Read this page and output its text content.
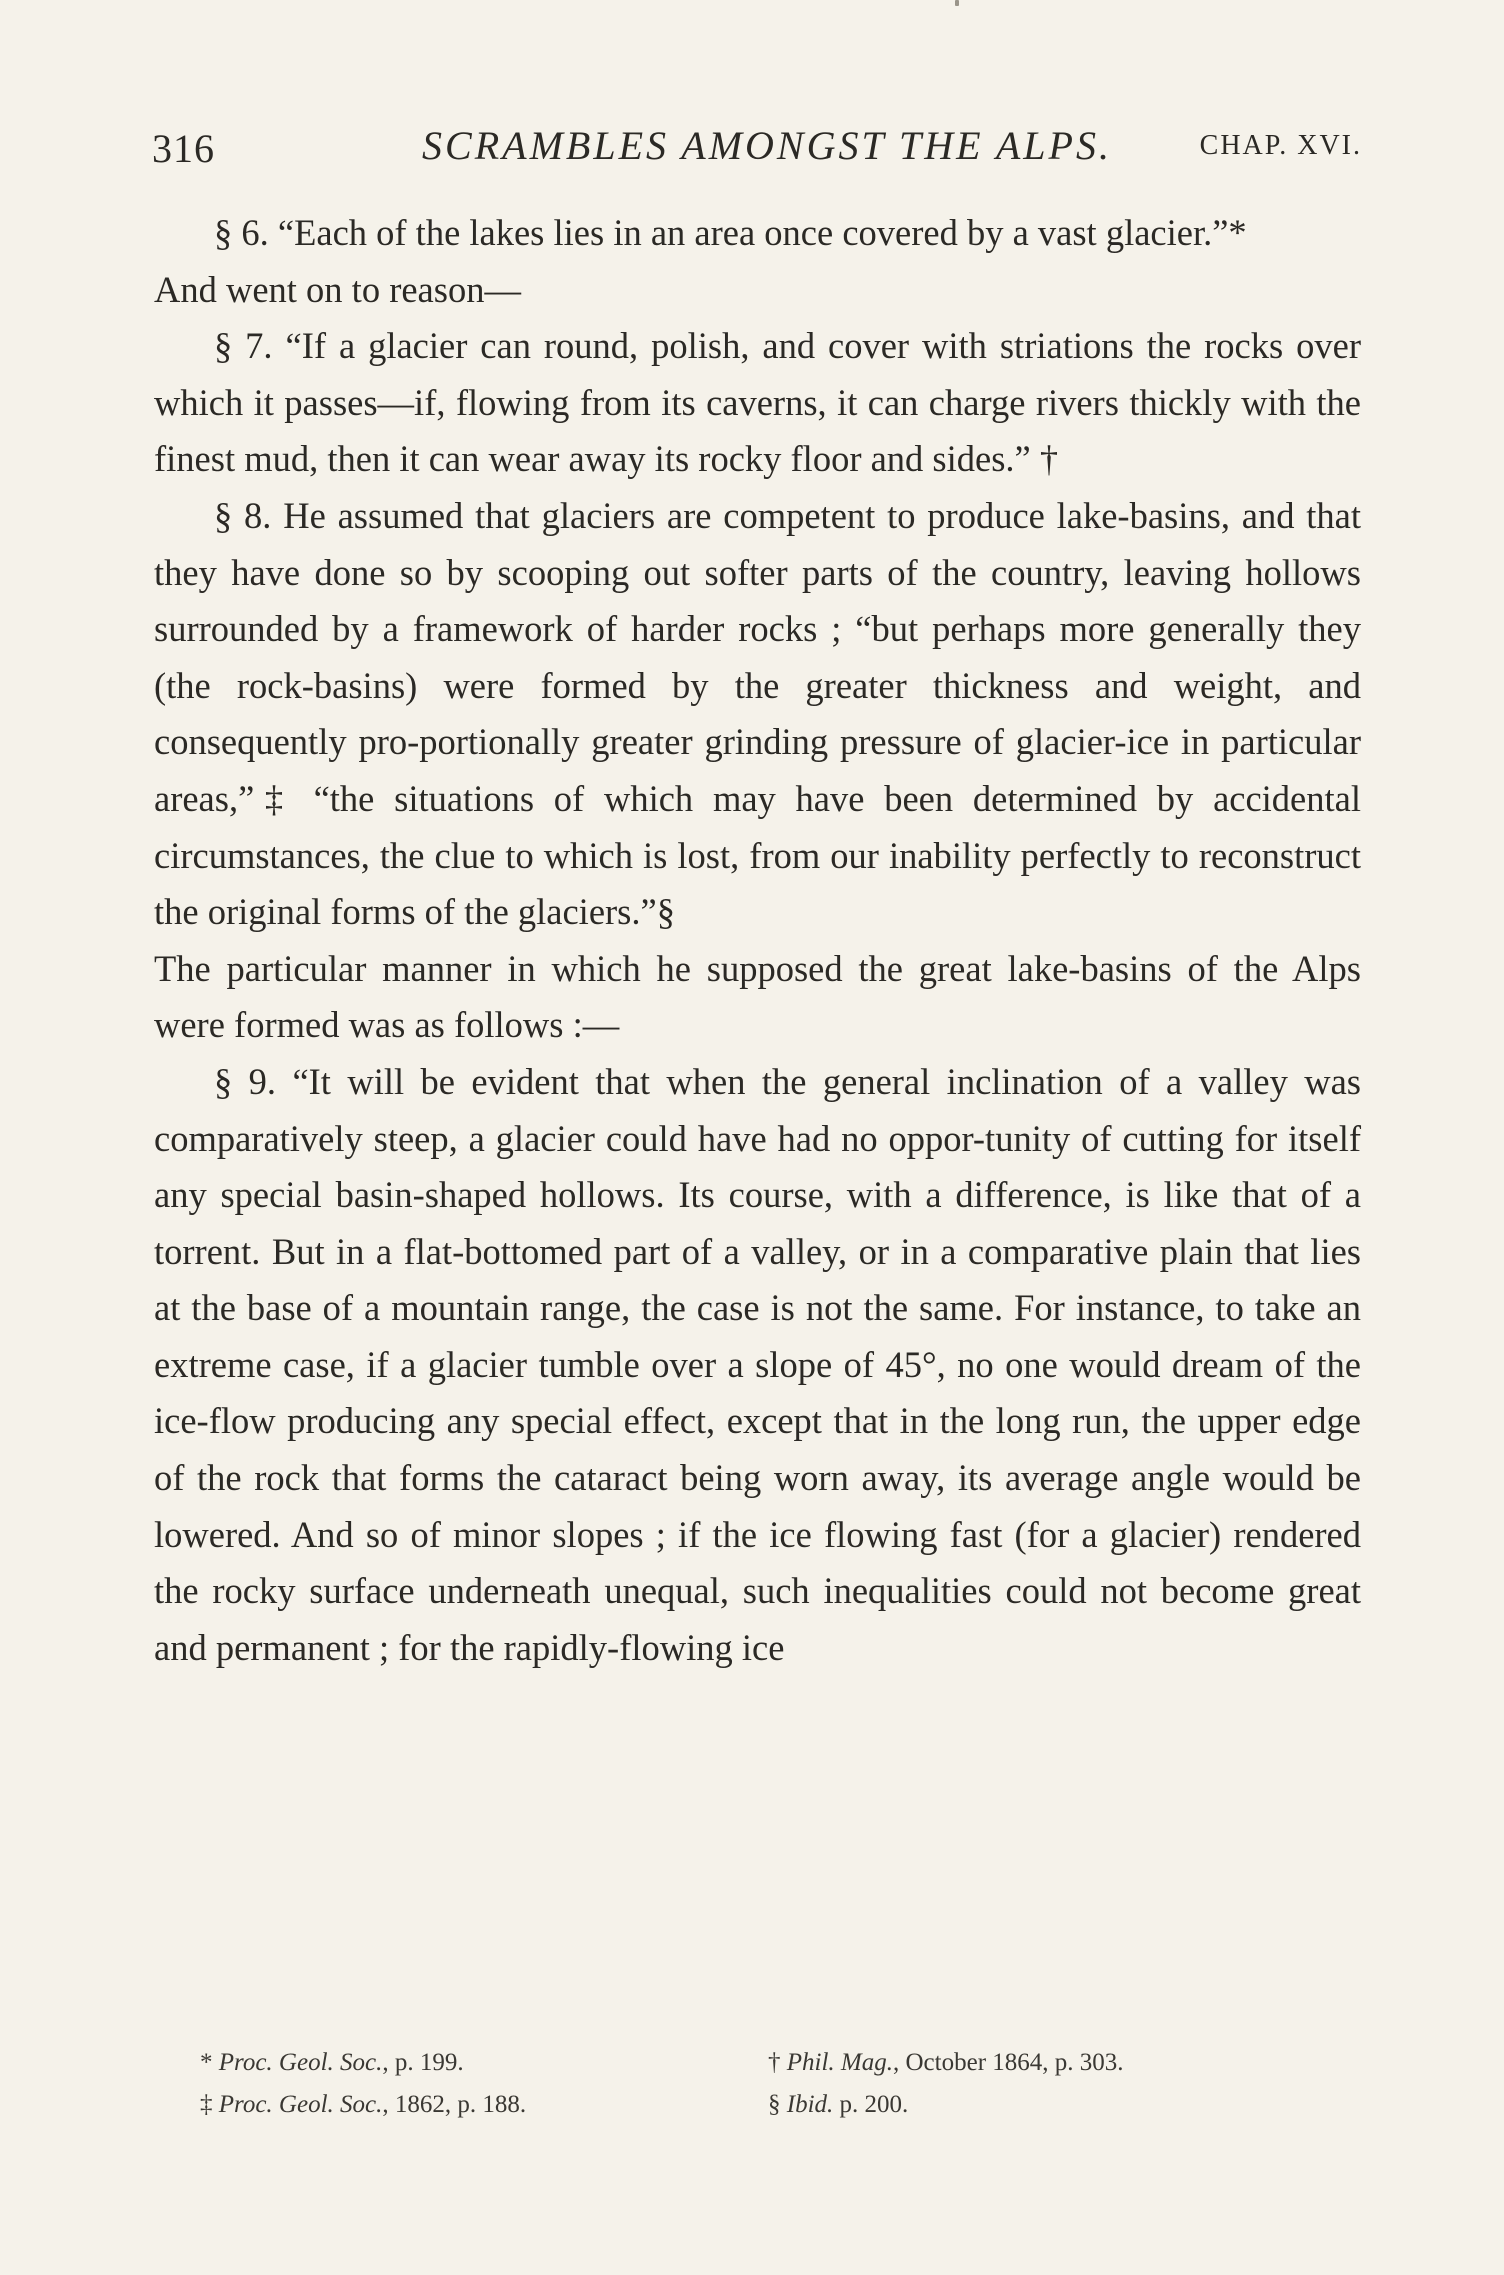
316	SCRAMBLES AMONGST THE ALPS.	CHAP. XVI.

§ 6. “Each of the lakes lies in an area once covered by a vast glacier.”*

And went on to reason—

§ 7. “If a glacier can round, polish, and cover with striations the rocks over which it passes—if, flowing from its caverns, it can charge rivers thickly with the finest mud, then it can wear away its rocky floor and sides.” †

§ 8. He assumed that glaciers are competent to produce lake-basins, and that they have done so by scooping out softer parts of the country, leaving hollows surrounded by a framework of harder rocks ; “but perhaps more generally they (the rock-basins) were formed by the greater thickness and weight, and consequently pro-portionally greater grinding pressure of glacier-ice in particular areas,”‡ “the situations of which may have been determined by accidental circumstances, the clue to which is lost, from our inability perfectly to reconstruct the original forms of the glaciers.”§

The particular manner in which he supposed the great lake-basins of the Alps were formed was as follows :—

§ 9. “It will be evident that when the general inclination of a valley was comparatively steep, a glacier could have had no oppor-tunity of cutting for itself any special basin-shaped hollows. Its course, with a difference, is like that of a torrent. But in a flat-bottomed part of a valley, or in a comparative plain that lies at the base of a mountain range, the case is not the same. For instance, to take an extreme case, if a glacier tumble over a slope of 45°, no one would dream of the ice-flow producing any special effect, except that in the long run, the upper edge of the rock that forms the cataract being worn away, its average angle would be lowered. And so of minor slopes ; if the ice flowing fast (for a glacier) rendered the rocky surface underneath unequal, such inequalities could not become great and permanent ; for the rapidly-flowing ice

* Proc. Geol. Soc., p. 199.	† Phil. Mag., October 1864, p. 303.
‡ Proc. Geol. Soc., 1862, p. 188.	§ Ibid. p. 200.
